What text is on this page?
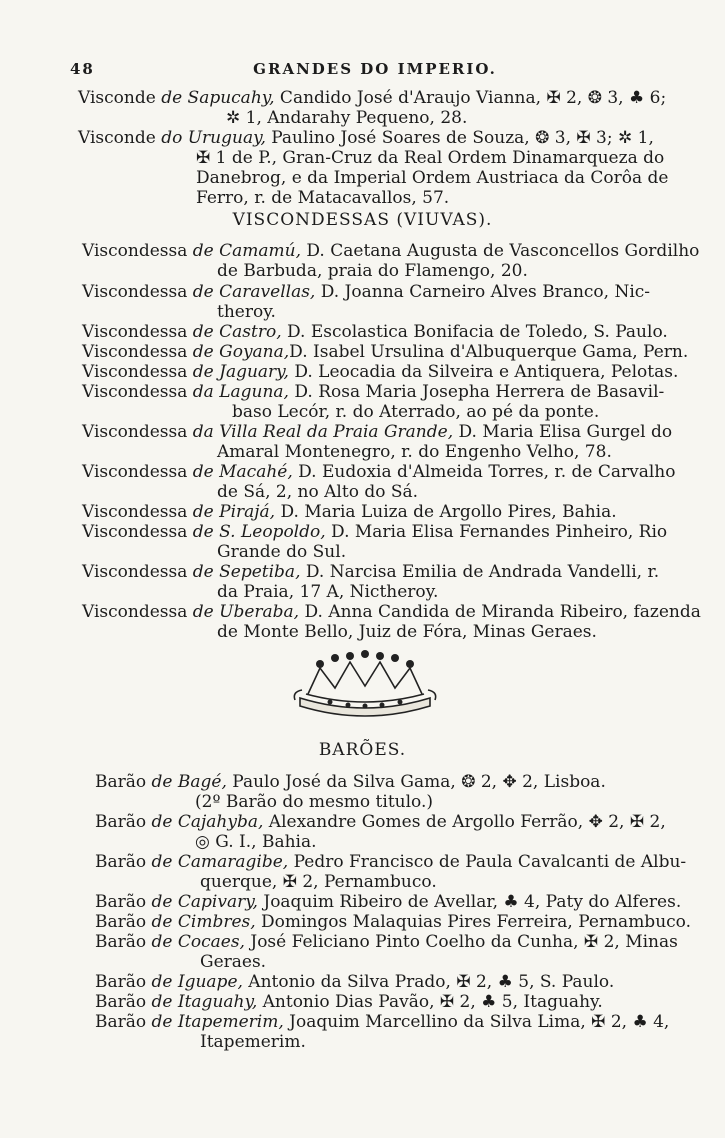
48	GRANDES DO IMPERIO.
Visconde de Sapucahy, Candido José d'Araujo Vianna, ✠ 2, ❂ 3, ♣ 6;
✲ 1, Andarahy Pequeno, 28.
Visconde do Uruguay, Paulino José Soares de Souza, ❂ 3, ✠ 3; ✲ 1,
✠ 1 de P., Gran-Cruz da Real Ordem Dinamarqueza do
Danebrog, e da Imperial Ordem Austriaca da Corôa de
Ferro, r. de Matacavallos, 57.
VISCONDESSAS (VIUVAS).
Viscondessa de Camamú, D. Caetana Augusta de Vasconcellos Gordilho
de Barbuda, praia do Flamengo, 20.
Viscondessa de Caravellas, D. Joanna Carneiro Alves Branco, Nic-
theroy.
Viscondessa de Castro, D. Escolastica Bonifacia de Toledo, S. Paulo.
Viscondessa de Goyana,D. Isabel Ursulina d'Albuquerque Gama, Pern.
Viscondessa de Jaguary, D. Leocadia da Silveira e Antiquera, Pelotas.
Viscondessa da Laguna, D. Rosa Maria Josepha Herrera de Basavil-
baso Lecór, r. do Aterrado, ao pé da ponte.
Viscondessa da Villa Real da Praia Grande, D. Maria Elisa Gurgel do
Amaral Montenegro, r. do Engenho Velho, 78.
Viscondessa de Macahé, D. Eudoxia d'Almeida Torres, r. de Carvalho
de Sá, 2, no Alto do Sá.
Viscondessa de Pirajá, D. Maria Luiza de Argollo Pires, Bahia.
Viscondessa de S. Leopoldo, D. Maria Elisa Fernandes Pinheiro, Rio
Grande do Sul.
Viscondessa de Sepetiba, D. Narcisa Emilia de Andrada Vandelli, r.
da Praia, 17 A, Nictheroy.
Viscondessa de Uberaba, D. Anna Candida de Miranda Ribeiro, fazenda
de Monte Bello, Juiz de Fóra, Minas Geraes.
BARÕES.
Barão de Bagé, Paulo José da Silva Gama, ❂ 2, ✥ 2, Lisboa.
(2º Barão do mesmo titulo.)
Barão de Cajahyba, Alexandre Gomes de Argollo Ferrão, ✥ 2, ✠ 2,
◎ G. I., Bahia.
Barão de Camaragibe, Pedro Francisco de Paula Cavalcanti de Albu-
querque, ✠ 2, Pernambuco.
Barão de Capivary, Joaquim Ribeiro de Avellar, ♣ 4, Paty do Alferes.
Barão de Cimbres, Domingos Malaquias Pires Ferreira, Pernambuco.
Barão de Cocaes, José Feliciano Pinto Coelho da Cunha, ✠ 2, Minas
Geraes.
Barão de Iguape, Antonio da Silva Prado, ✠ 2, ♣ 5, S. Paulo.
Barão de Itaguahy, Antonio Dias Pavão, ✠ 2, ♣ 5, Itaguahy.
Barão de Itapemerim, Joaquim Marcellino da Silva Lima, ✠ 2, ♣ 4,
Itapemerim.
